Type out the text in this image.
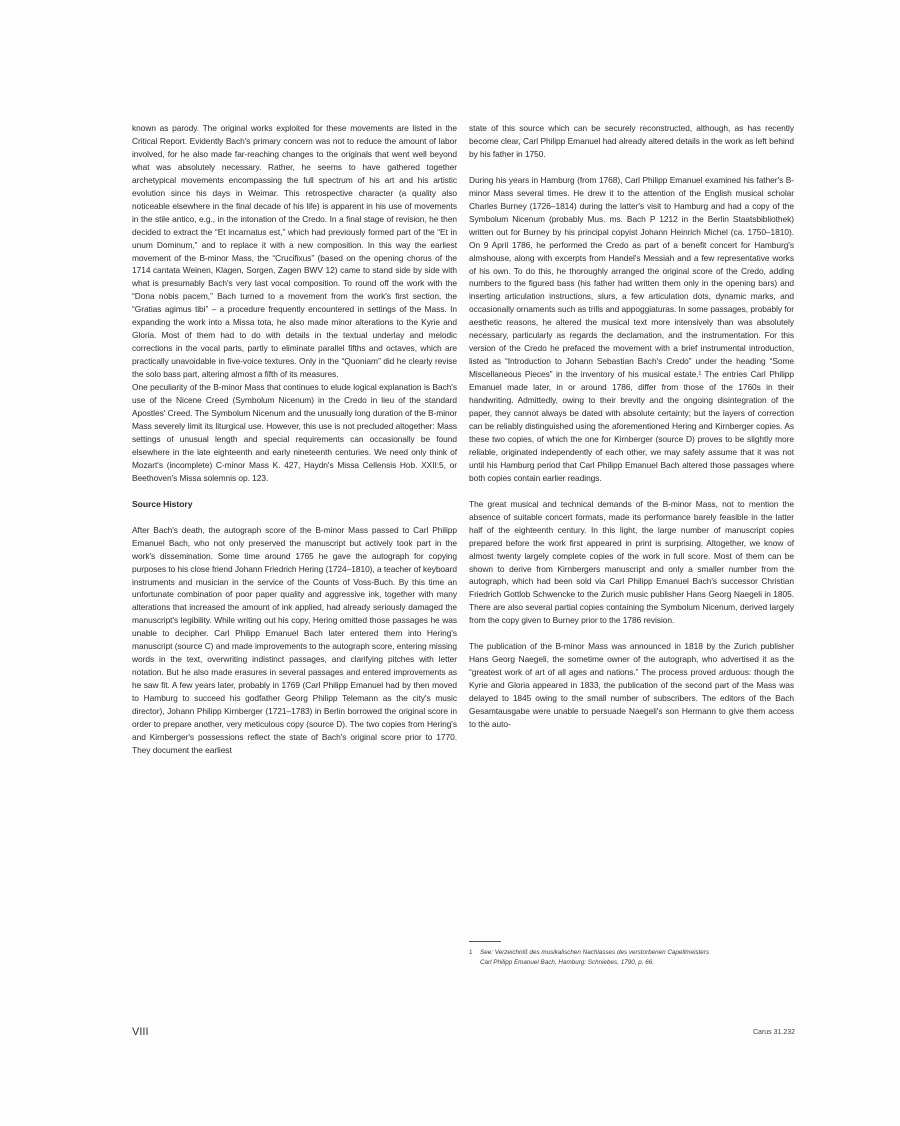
known as parody. The original works exploited for these movements are listed in the Critical Report. Evidently Bach's primary concern was not to reduce the amount of labor involved, for he also made far-reaching changes to the originals that went well beyond what was absolutely necessary. Rather, he seems to have gathered together archetypical movements encompassing the full spectrum of his art and his artistic evolution since his days in Weimar. This retrospective character (a quality also noticeable elsewhere in the final decade of his life) is apparent in his use of movements in the stile antico, e.g., in the intonation of the Credo. In a final stage of revision, he then decided to extract the “Et incarnatus est,” which had previously formed part of the “Et in unum Dominum,” and to replace it with a new composition. In this way the earliest movement of the B-minor Mass, the “Crucifixus” (based on the opening chorus of the 1714 cantata Weinen, Klagen, Sorgen, Zagen BWV 12) came to stand side by side with what is presumably Bach's very last vocal composition. To round off the work with the “Dona nobis pacem,” Bach turned to a movement from the work's first section, the “Gratias agimus tibi” – a procedure frequently encountered in settings of the Mass. In expanding the work into a Missa tota, he also made minor alterations to the Kyrie and Gloria. Most of them had to do with details in the textual underlay and melodic corrections in the vocal parts, partly to eliminate parallel fifths and octaves, which are practically unavoidable in five-voice textures. Only in the “Quoniam” did he clearly revise the solo bass part, altering almost a fifth of its measures.

One peculiarity of the B-minor Mass that continues to elude logical explanation is Bach's use of the Nicene Creed (Symbolum Nicenum) in the Credo in lieu of the standard Apostles' Creed. The Symbolum Nicenum and the unusually long duration of the B-minor Mass severely limit its liturgical use. However, this use is not precluded altogether: Mass settings of unusual length and special requirements can occasionally be found elsewhere in the late eighteenth and early nineteenth centuries. We need only think of Mozart's (incomplete) C-minor Mass K. 427, Haydn's Missa Cellensis Hob. XXII:5, or Beethoven's Missa solemnis op. 123.

Source History

After Bach's death, the autograph score of the B-minor Mass passed to Carl Philipp Emanuel Bach, who not only preserved the manuscript but actively took part in the work's dissemination. Some time around 1765 he gave the autograph for copying purposes to his close friend Johann Friedrich Hering (1724–1810), a teacher of keyboard instruments and musician in the service of the Counts of Voss-Buch. By this time an unfortunate combination of poor paper quality and aggressive ink, together with many alterations that increased the amount of ink applied, had already seriously damaged the manuscript's legibility. While writing out his copy, Hering omitted those passages he was unable to decipher. Carl Philipp Emanuel Bach later entered them into Hering's manuscript (source C) and made improvements to the autograph score, entering missing words in the text, overwriting indistinct passages, and clarifying pitches with letter notation. But he also made erasures in several passages and entered improvements as he saw fit. A few years later, probably in 1769 (Carl Philipp Emanuel had by then moved to Hamburg to succeed his godfather Georg Philipp Telemann as the city's music director), Johann Philipp Kirnberger (1721–1783) in Berlin borrowed the original score in order to prepare another, very meticulous copy (source D). The two copies from Hering's and Kirnberger's possessions reflect the state of Bach's original score prior to 1770. They document the earliest

state of this source which can be securely reconstructed, although, as has recently become clear, Carl Philipp Emanuel had already altered details in the work as left behind by his father in 1750.

During his years in Hamburg (from 1768), Carl Philipp Emanuel examined his father's B-minor Mass several times. He drew it to the attention of the English musical scholar Charles Burney (1726–1814) during the latter's visit to Hamburg and had a copy of the Symbolum Nicenum (probably Mus. ms. Bach P 1212 in the Berlin Staatsbibliothek) written out for Burney by his principal copyist Johann Heinrich Michel (ca. 1750–1810). On 9 April 1786, he performed the Credo as part of a benefit concert for Hamburg's almshouse, along with excerpts from Handel's Messiah and a few representative works of his own. To do this, he thoroughly arranged the original score of the Credo, adding numbers to the figured bass (his father had written them only in the opening bars) and inserting articulation instructions, slurs, a few articulation dots, dynamic marks, and occasionally ornaments such as trills and appoggiaturas. In some passages, probably for aesthetic reasons, he altered the musical text more intensively than was absolutely necessary, particularly as regards the declamation, and the instrumentation. For this version of the Credo he prefaced the movement with a brief instrumental introduction, listed as “Introduction to Johann Sebastian Bach's Credo” under the heading “Some Miscellaneous Pieces” in the inventory of his musical estate.¹ The entries Carl Philipp Emanuel made later, in or around 1786, differ from those of the 1760s in their handwriting. Admittedly, owing to their brevity and the ongoing disintegration of the paper, they cannot always be dated with absolute certainty; but the layers of correction can be reliably distinguished using the aforementioned Hering and Kirnberger copies. As these two copies, of which the one for Kirnberger (source D) proves to be slightly more reliable, originated independently of each other, we may safely assume that it was not until his Hamburg period that Carl Philipp Emanuel Bach altered those passages where both copies contain earlier readings.

The great musical and technical demands of the B-minor Mass, not to mention the absence of suitable concert formats, made its performance barely feasible in the latter half of the eighteenth century. In this light, the large number of manuscript copies prepared before the work first appeared in print is surprising. Altogether, we know of almost twenty largely complete copies of the work in full score. Most of them can be shown to derive from Kirnbergers manuscript and only a smaller number from the autograph, which had been sold via Carl Philipp Emanuel Bach's successor Christian Friedrich Gottlob Schwencke to the Zurich music publisher Hans Georg Naegeli in 1805. There are also several partial copies containing the Symbolum Nicenum, derived largely from the copy given to Burney prior to the 1786 revision.

The publication of the B-minor Mass was announced in 1818 by the Zurich publisher Hans Georg Naegeli, the sometime owner of the autograph, who advertised it as the “greatest work of art of all ages and nations.” The process proved arduous: though the Kyrie and Gloria appeared in 1833, the publication of the second part of the Mass was delayed to 1845 owing to the small number of subscribers. The editors of the Bach Gesamtausgabe were unable to persuade Naegeli's son Hermann to give them access to the auto-

1 See: Verzeichniß des musikalischen Nachlasses des verstorbenen Capellmeisters
Carl Philipp Emanuel Bach, Hamburg: Schniebes, 1790, p. 66.
VIII	Carus 31.232
